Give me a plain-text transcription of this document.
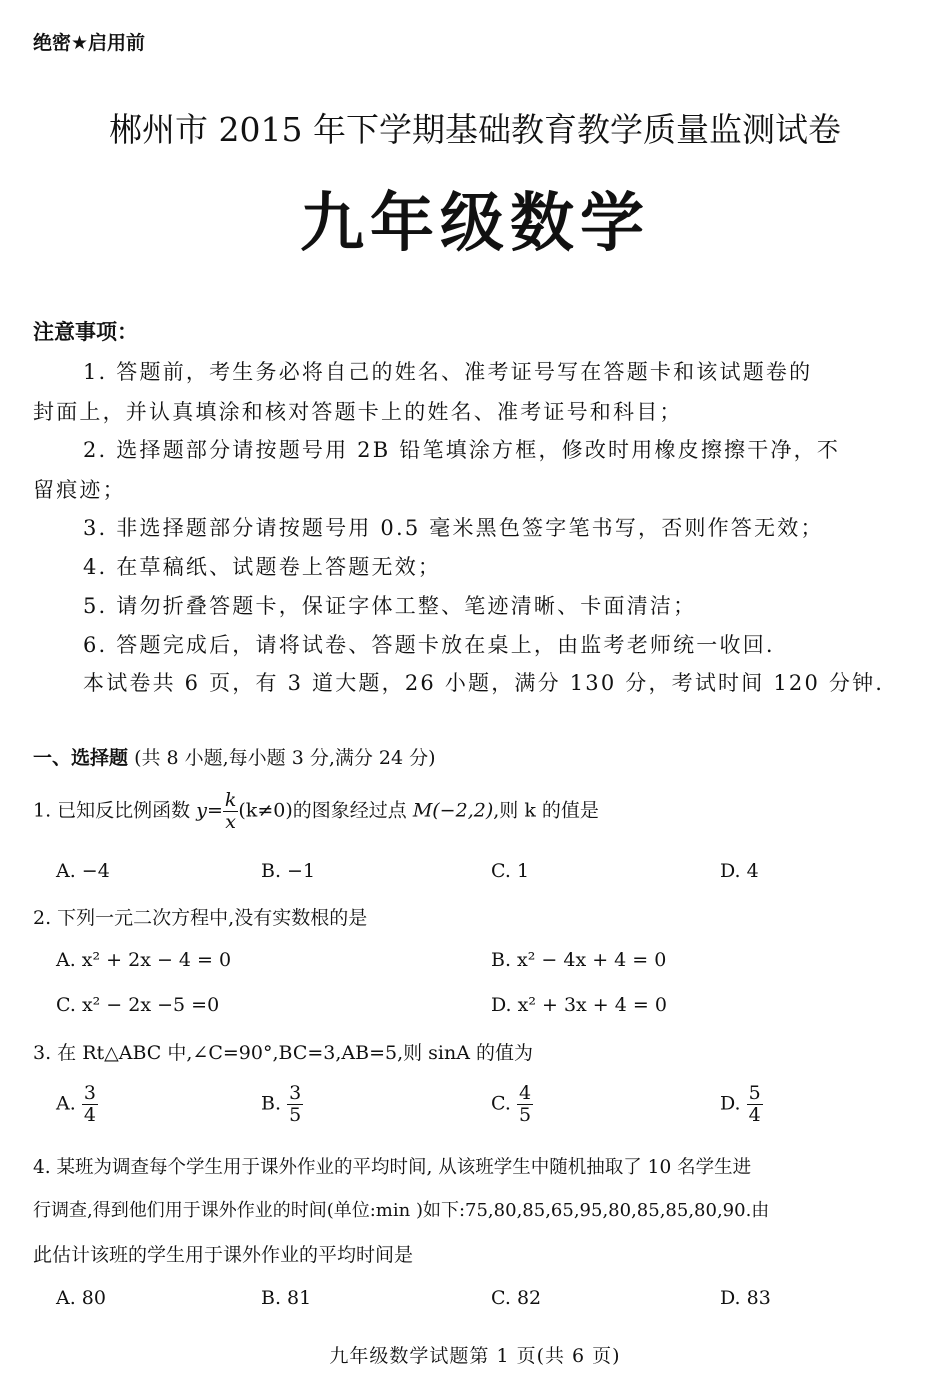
绝密★启用前
郴州市 2015 年下学期基础教育教学质量监测试卷
九年级数学
注意事项：
1. 答题前，考生务必将自己的姓名、准考证号写在答题卡和该试题卷的
封面上，并认真填涂和核对答题卡上的姓名、准考证号和科目；
2. 选择题部分请按题号用 2B 铅笔填涂方框，修改时用橡皮擦擦干净，不
留痕迹；
3. 非选择题部分请按题号用 0.5 毫米黑色签字笔书写，否则作答无效；
4. 在草稿纸、试题卷上答题无效；
5. 请勿折叠答题卡，保证字体工整、笔迹清晰、卡面清洁；
6. 答题完成后，请将试卷、答题卡放在桌上，由监考老师统一收回.
本试卷共 6 页，有 3 道大题，26 小题，满分 130 分，考试时间 120 分钟.
一、选择题 (共 8 小题,每小题 3 分,满分 24 分)
1. 已知反比例函数 $y= \frac{k}{x} (k\ne 0)$的图象经过点 M(−2,2),则 k 的值是
A. −4	B. −1	C. 1	D. 4
2. 下列一元二次方程中,没有实数根的是
A. x² + 2x − 4 = 0	B. x² − 4x + 4 = 0
C. x² − 2x −5 =0	D. x² + 3x + 4 = 0
3. 在 Rt△ABC 中,∠C=90°,BC=3,AB=5,则 sinA 的值为
A. $\frac{3}{4}$	B. $\frac{3}{5}$	C. $\frac{4}{5}$	D. $\frac{5}{4}$
4. 某班为调查每个学生用于课外作业的平均时间, 从该班学生中随机抽取了 10 名学生进
行调查,得到他们用于课外作业的时间(单位:min )如下:75,80,85,65,95,80,85,85,80,90.由
此估计该班的学生用于课外作业的平均时间是
A. 80	B. 81	C. 82	D. 83
九年级数学试题第 1 页(共 6 页)
